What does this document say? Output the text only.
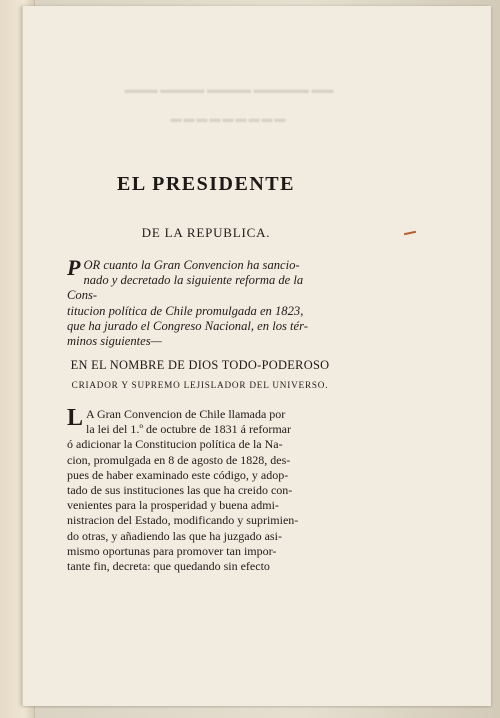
▬▬▬ ▬▬▬▬ ▬▬▬▬ ▬▬▬▬▬ ▬▬
▬▬▬▬▬▬▬▬▬
EL PRESIDENTE
DE LA REPUBLICA.
P OR cuanto la Gran Convencion ha sancio-
nado y decretado la siguiente reforma de la Cons-
titucion política de Chile promulgada en 1823,
que ha jurado el Congreso Nacional, en los tér-
minos siguientes—
EN EL NOMBRE DE DIOS TODO-PODEROSO
CRIADOR Y SUPREMO LEJISLADOR DEL UNIVERSO.
L A Gran Convencion de Chile llamada por
la lei del 1.º de octubre de 1831 á reformar
ó adicionar la Constitucion política de la Na-
cion, promulgada en 8 de agosto de 1828, des-
pues de haber examinado este código, y adop-
tado de sus instituciones las que ha creido con-
venientes para la prosperidad y buena admi-
nistracion del Estado, modificando y suprimien-
do otras, y añadiendo las que ha juzgado asi-
mismo oportunas para promover tan impor-
tante fin, decreta: que quedando sin efecto
